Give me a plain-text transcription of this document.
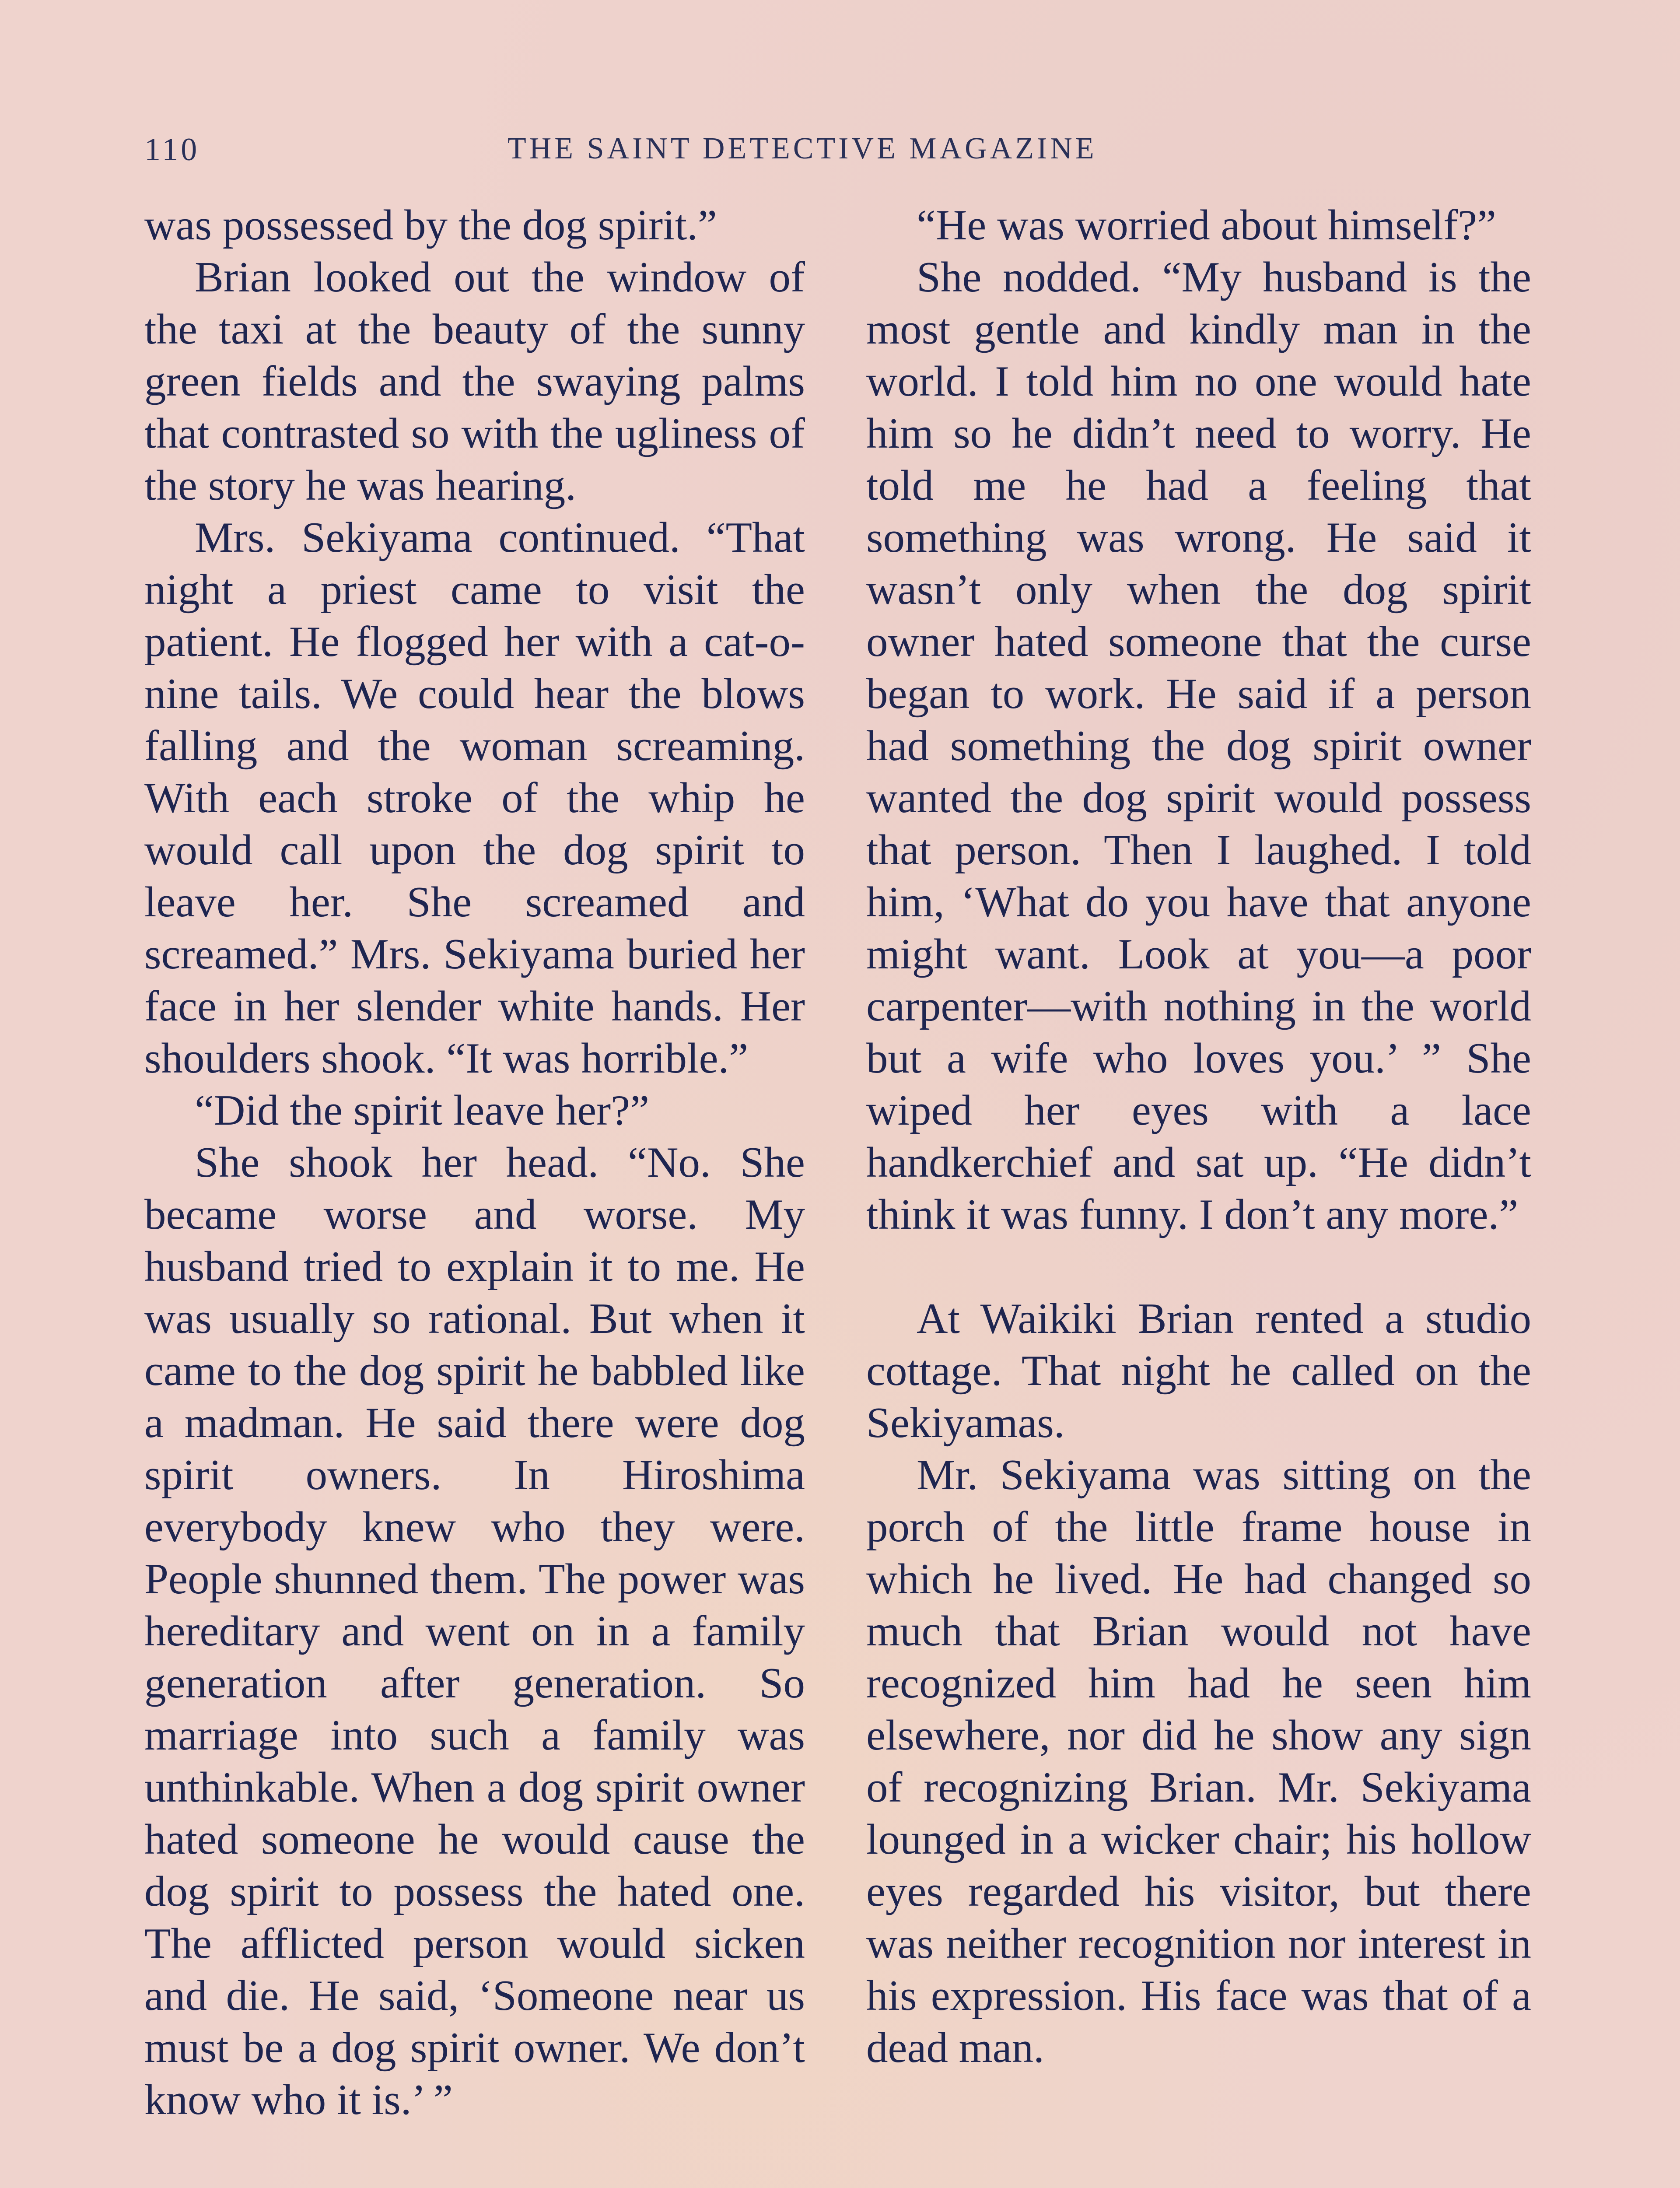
110	THE SAINT DETECTIVE MAGAZINE

was possessed by the dog spirit.”

Brian looked out the window of the taxi at the beauty of the sunny green fields and the swaying palms that contrasted so with the ugliness of the story he was hearing.

Mrs. Sekiyama continued. “That night a priest came to visit the patient. He flogged her with a cat-o-nine tails. We could hear the blows falling and the woman screaming. With each stroke of the whip he would call upon the dog spirit to leave her. She screamed and screamed.” Mrs. Sekiyama buried her face in her slender white hands. Her shoulders shook. “It was horrible.”

“Did the spirit leave her?”

She shook her head. “No. She became worse and worse. My husband tried to explain it to me. He was usually so rational. But when it came to the dog spirit he babbled like a madman. He said there were dog spirit owners. In Hiroshima everybody knew who they were. People shunned them. The power was hereditary and went on in a family generation after generation. So marriage into such a family was unthinkable. When a dog spirit owner hated someone he would cause the dog spirit to possess the hated one. The afflicted person would sicken and die. He said, ‘Someone near us must be a dog spirit owner. We don’t know who it is.’ ”

“He was worried about himself?”

She nodded. “My husband is the most gentle and kindly man in the world. I told him no one would hate him so he didn’t need to worry. He told me he had a feeling that something was wrong. He said it wasn’t only when the dog spirit owner hated someone that the curse began to work. He said if a person had something the dog spirit owner wanted the dog spirit would possess that person. Then I laughed. I told him, ‘What do you have that anyone might want. Look at you—a poor carpenter—with nothing in the world but a wife who loves you.’ ” She wiped her eyes with a lace handkerchief and sat up. “He didn’t think it was funny. I don’t any more.”

At Waikiki Brian rented a studio cottage. That night he called on the Sekiyamas.

Mr. Sekiyama was sitting on the porch of the little frame house in which he lived. He had changed so much that Brian would not have recognized him had he seen him elsewhere, nor did he show any sign of recognizing Brian. Mr. Sekiyama lounged in a wicker chair; his hollow eyes regarded his visitor, but there was neither recognition nor interest in his expression. His face was that of a dead man.
